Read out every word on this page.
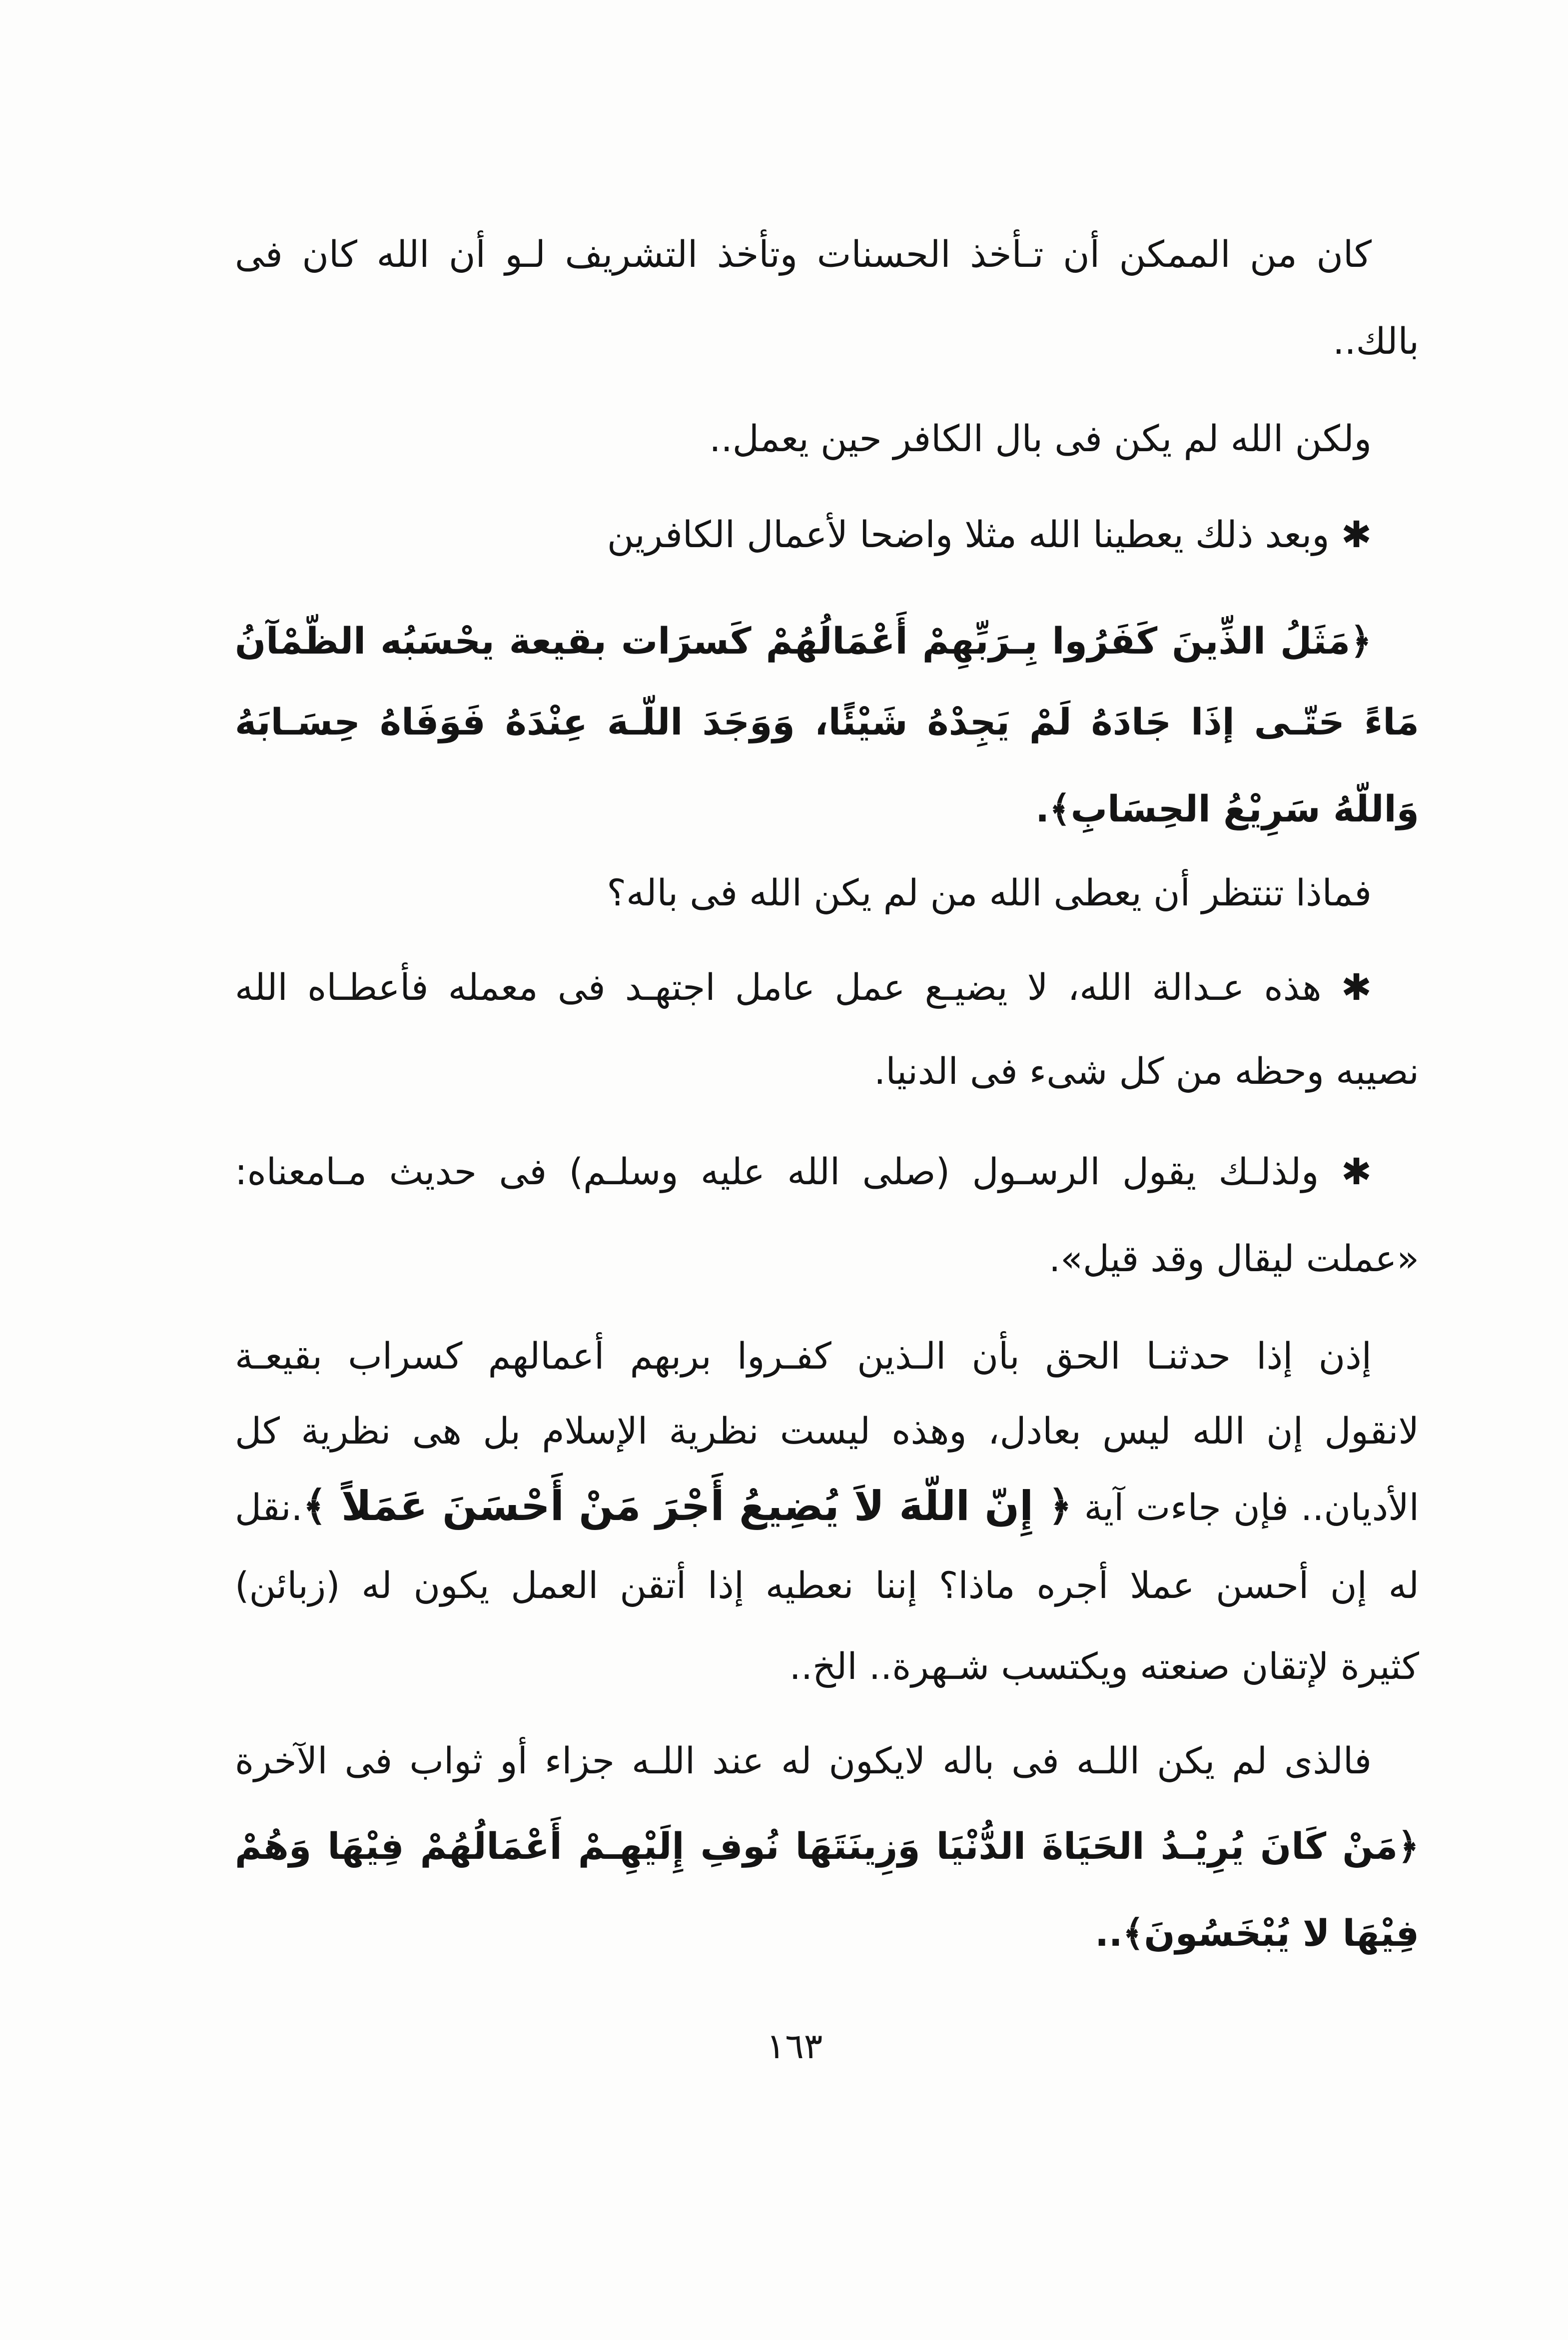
كان من الممكن أن تـأخذ الحسنات وتأخذ التشريف لـو أن الله كان فى
بالك..
ولكن الله لم يكن فى بال الكافر حين يعمل..
✱ وبعد ذلك يعطينا الله مثلا واضحا لأعمال الكافرين
﴿مَثَلُ الذِّينَ كَفَرُوا بِـرَبِّهِمْ أَعْمَالُهُمْ كَسرَات بقيعة يحْسَبُه الظّمْآنُ
مَاءً حَتّـى إذَا جَادَهُ لَمْ يَجِدْهُ شَيْئًا، وَوَجَدَ اللّـهَ عِنْدَهُ فَوَفَاهُ حِسَـابَهُ
وَاللّهُ سَرِيْعُ الحِسَابِ﴾.
فماذا تنتظر أن يعطى الله من لم يكن الله فى باله؟
✱ هذه عـدالة الله، لا يضيـع عمل عامل اجتهـد فى معمله فأعطـاه الله
نصيبه وحظه من كل شىء فى الدنيا.
✱ ولذلـك يقول الرسـول (صلى الله عليه وسلـم) فى حديث مـامعناه:
«عملت ليقال وقد قيل».
إذن إذا حدثنـا الحق بأن الـذين كفـروا بربهم أعمالهم كسراب بقيعـة
لانقول إن الله ليس بعادل، وهذه ليست نظرية الإسلام بل هى نظرية كل
الأديان.. فإن جاءت آية ﴿ إِنّ اللّهَ لاَ يُضِيعُ أَجْرَ مَنْ أَحْسَنَ عَمَلاً ﴾.نقل
له إن أحسن عملا أجره ماذا؟ إننا نعطيه إذا أتقن العمل يكون له (زبائن)
كثيرة لإتقان صنعته ويكتسب شـهرة.. الخ..
فالذى لم يكن اللـه فى باله لايكون له عند اللـه جزاء أو ثواب فى الآخرة
﴿مَنْ كَانَ يُرِيْـدُ الحَيَاةَ الدُّنْيَا وَزِينَتَهَا نُوفِ إِلَيْهِـمْ أَعْمَالُهُمْ فِيْهَا وَهُمْ
فِيْهَا لا يُبْخَسُونَ﴾..
١٦٣
